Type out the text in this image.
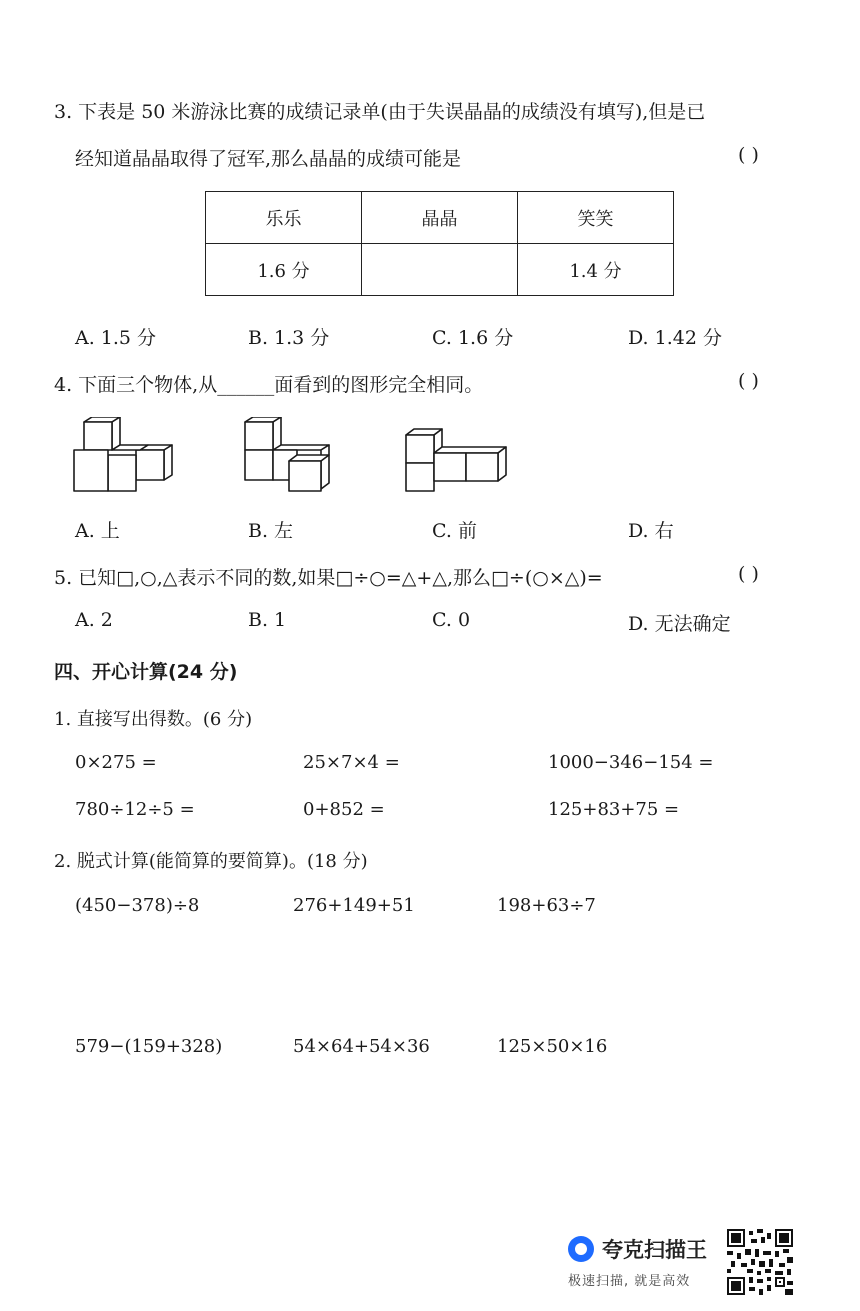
3. 下表是 50 米游泳比赛的成绩记录单(由于失误晶晶的成绩没有填写),但是已
经知道晶晶取得了冠军,那么晶晶的成绩可能是	( )
乐乐	晶晶	笑笑
1.6 分		1.4 分
A. 1.5 分	B. 1.3 分	C. 1.6 分	D. 1.42 分
4. 下面三个物体,从______面看到的图形完全相同。	( )
A. 上	B. 左	C. 前	D. 右
5. 已知□,○,△表示不同的数,如果□÷○=△+△,那么□÷(○×△)=	( )
A. 2	B. 1	C. 0	D. 无法确定
四、开心计算(24 分)
1. 直接写出得数。(6 分)
0×275 =	25×7×4 =	1000−346−154 =
780÷12÷5 =	0+852 =	125+83+75 =
2. 脱式计算(能简算的要简算)。(18 分)
(450−378)÷8	276+149+51	198+63÷7
579−(159+328)	54×64+54×36	125×50×16
夸克扫描王
极速扫描, 就是高效
